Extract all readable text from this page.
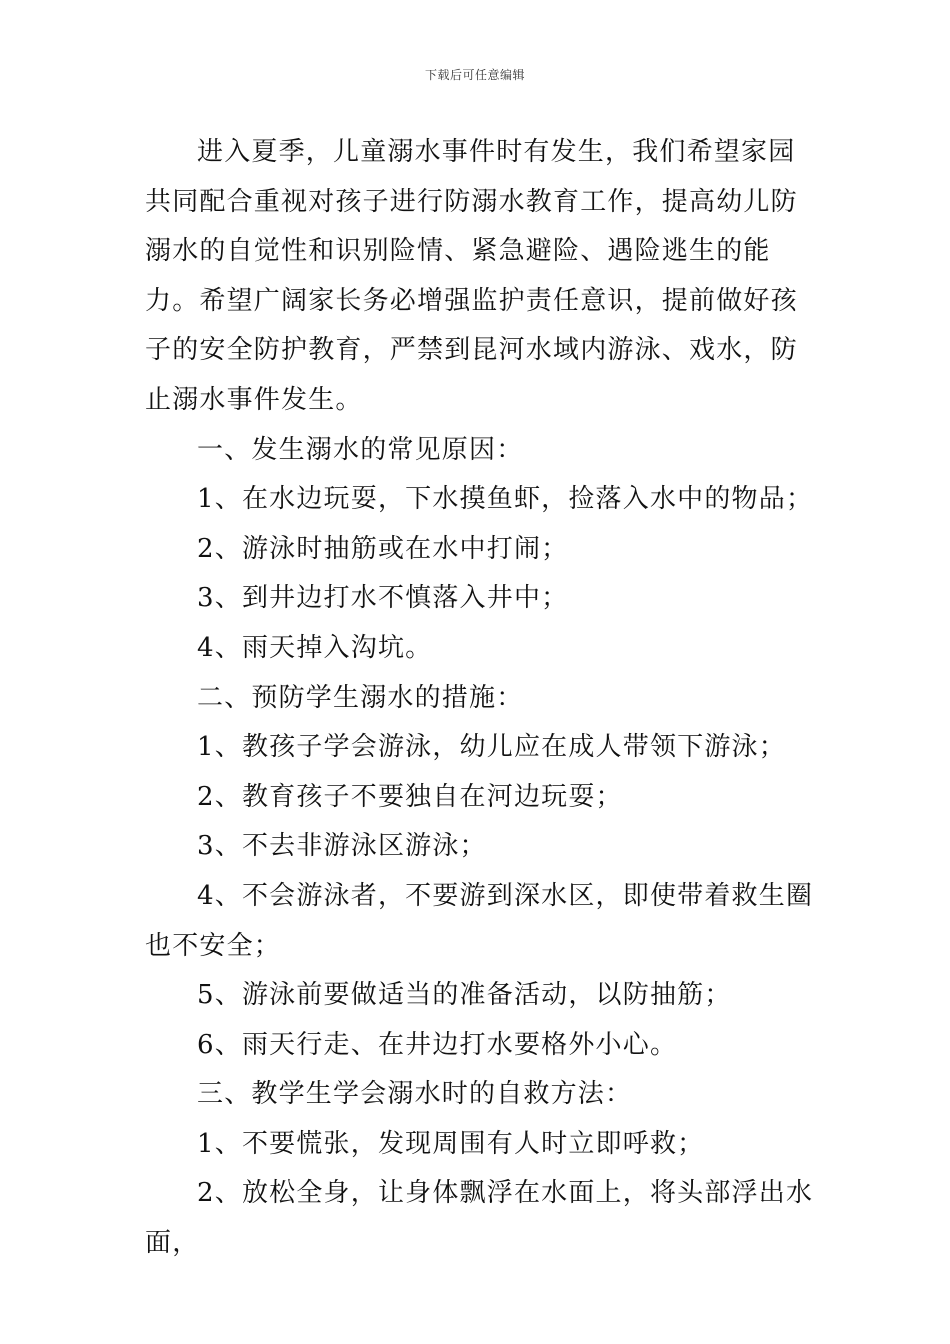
下载后可任意编辑

进入夏季，儿童溺水事件时有发生，我们希望家园共同配合重视对孩子进行防溺水教育工作，提高幼儿防溺水的自觉性和识别险情、紧急避险、遇险逃生的能力。希望广阔家长务必增强监护责任意识，提前做好孩子的安全防护教育，严禁到昆河水域内游泳、戏水，防止溺水事件发生。

一、发生溺水的常见原因：

1、在水边玩耍，下水摸鱼虾，捡落入水中的物品；

2、游泳时抽筋或在水中打闹；

3、到井边打水不慎落入井中；

4、雨天掉入沟坑。

二、预防学生溺水的措施：

1、教孩子学会游泳，幼儿应在成人带领下游泳；

2、教育孩子不要独自在河边玩耍；

3、不去非游泳区游泳；

4、不会游泳者，不要游到深水区，即使带着救生圈也不安全；

5、游泳前要做适当的准备活动，以防抽筋；

6、雨天行走、在井边打水要格外小心。

三、教学生学会溺水时的自救方法：

1、不要慌张，发现周围有人时立即呼救；

2、放松全身，让身体飘浮在水面上，将头部浮出水面，
